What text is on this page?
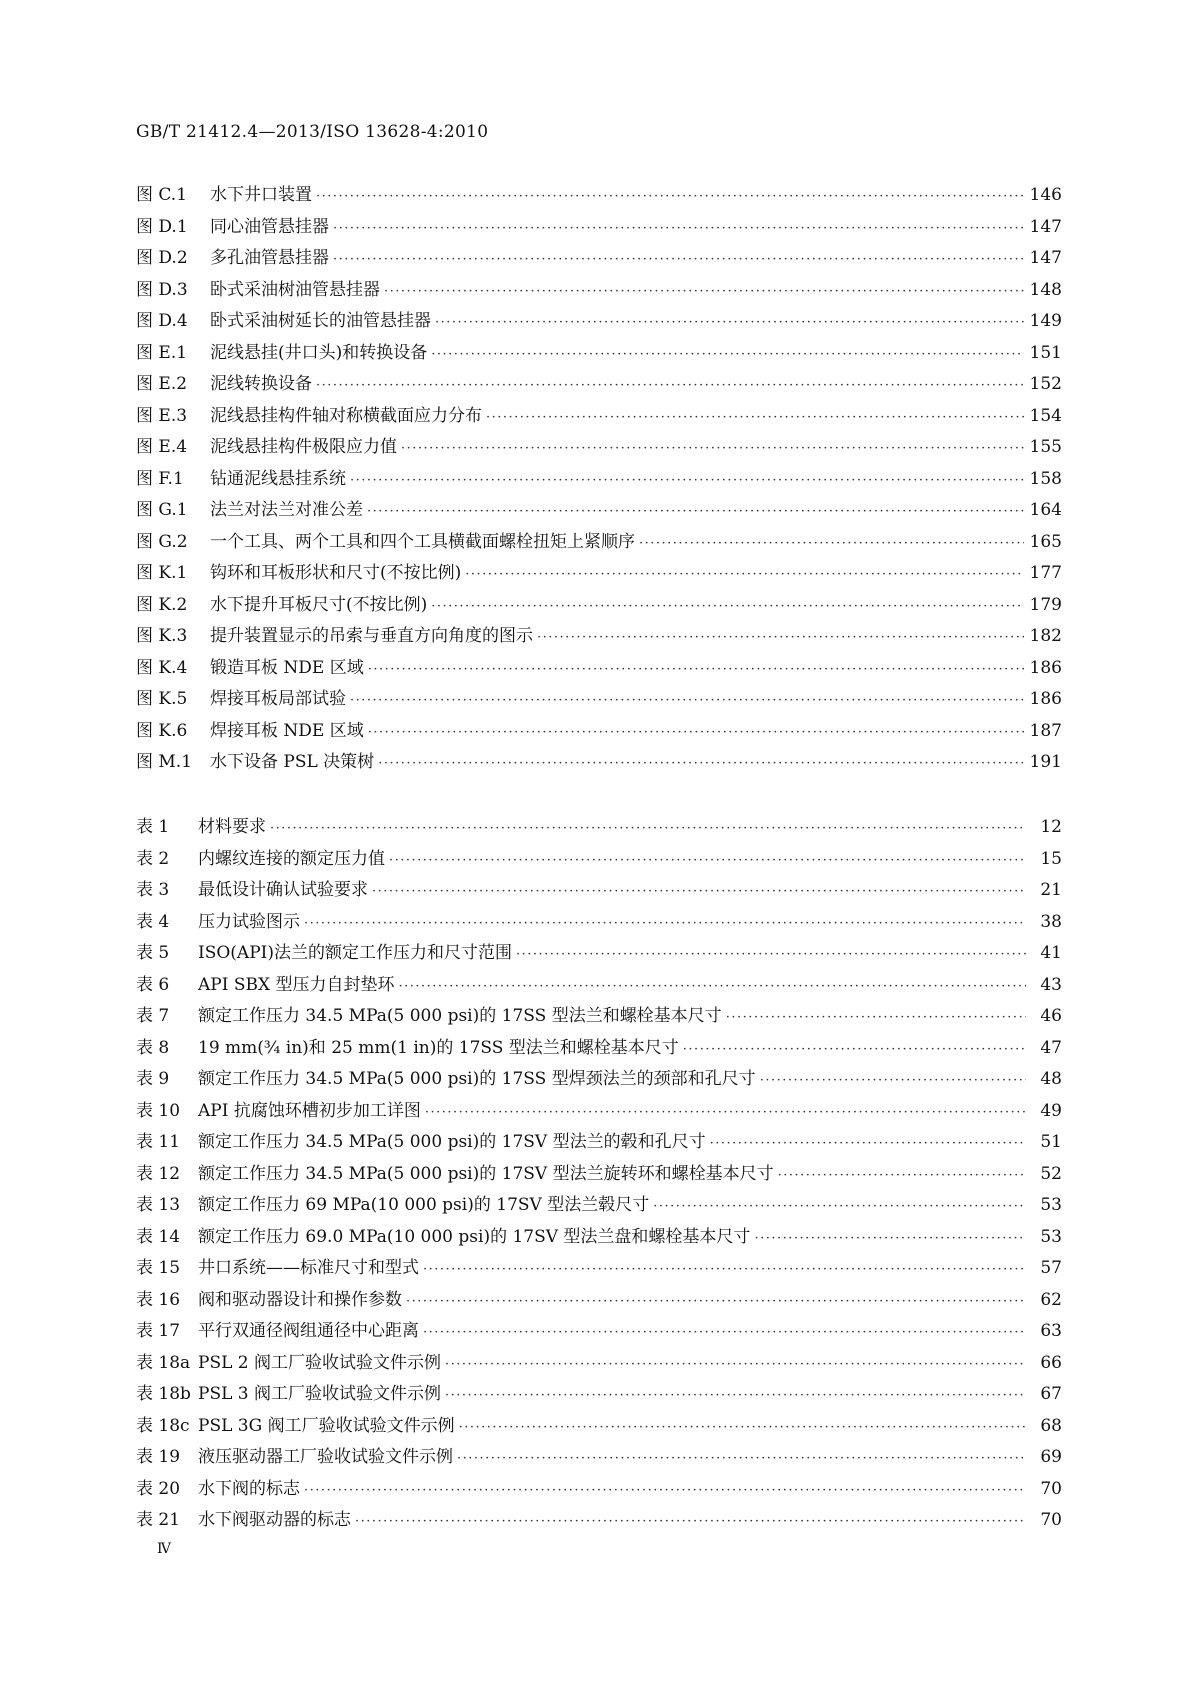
GB/T 21412.4—2013/ISO 13628-4:2010
图 C.1	水下井口装置 ·····	146
图 D.1	同心油管悬挂器 ·····	147
图 D.2	多孔油管悬挂器 ·····	147
图 D.3	卧式采油树油管悬挂器 ·····	148
图 D.4	卧式采油树延长的油管悬挂器 ·····	149
图 E.1	泥线悬挂(井口头)和转换设备 ·····	151
图 E.2	泥线转换设备 ·····	152
图 E.3	泥线悬挂构件轴对称横截面应力分布 ·····	154
图 E.4	泥线悬挂构件极限应力值 ·····	155
图 F.1	钻通泥线悬挂系统 ·····	158
图 G.1	法兰对法兰对准公差 ·····	164
图 G.2	一个工具、两个工具和四个工具横截面螺栓扭矩上紧顺序 ·····	165
图 K.1	钩环和耳板形状和尺寸(不按比例) ·····	177
图 K.2	水下提升耳板尺寸(不按比例) ·····	179
图 K.3	提升装置显示的吊索与垂直方向角度的图示 ·····	182
图 K.4	锻造耳板 NDE 区域 ·····	186
图 K.5	焊接耳板局部试验 ·····	186
图 K.6	焊接耳板 NDE 区域 ·····	187
图 M.1	水下设备 PSL 决策树 ·····	191
表 1	材料要求 ·····	12
表 2	内螺纹连接的额定压力值 ·····	15
表 3	最低设计确认试验要求 ·····	21
表 4	压力试验图示 ·····	38
表 5	ISO(API)法兰的额定工作压力和尺寸范围 ·····	41
表 6	API SBX 型压力自封垫环 ·····	43
表 7	额定工作压力 34.5 MPa(5 000 psi)的 17SS 型法兰和螺栓基本尺寸 ·····	46
表 8	19 mm(¾ in)和 25 mm(1 in)的 17SS 型法兰和螺栓基本尺寸 ·····	47
表 9	额定工作压力 34.5 MPa(5 000 psi)的 17SS 型焊颈法兰的颈部和孔尺寸 ·····	48
表 10	API 抗腐蚀环槽初步加工详图 ·····	49
表 11	额定工作压力 34.5 MPa(5 000 psi)的 17SV 型法兰的毂和孔尺寸 ·····	51
表 12	额定工作压力 34.5 MPa(5 000 psi)的 17SV 型法兰旋转环和螺栓基本尺寸 ·····	52
表 13	额定工作压力 69 MPa(10 000 psi)的 17SV 型法兰毂尺寸 ·····	53
表 14	额定工作压力 69.0 MPa(10 000 psi)的 17SV 型法兰盘和螺栓基本尺寸 ·····	53
表 15	井口系统——标准尺寸和型式 ·····	57
表 16	阀和驱动器设计和操作参数 ·····	62
表 17	平行双通径阀组通径中心距离 ·····	63
表 18a PSL 2 阀工厂验收试验文件示例 ·····	66
表 18b PSL 3 阀工厂验收试验文件示例 ·····	67
表 18c PSL 3G 阀工厂验收试验文件示例 ·····	68
表 19	液压驱动器工厂验收试验文件示例 ·····	69
表 20	水下阀的标志 ·····	70
表 21	水下阀驱动器的标志 ·····	70
Ⅳ
